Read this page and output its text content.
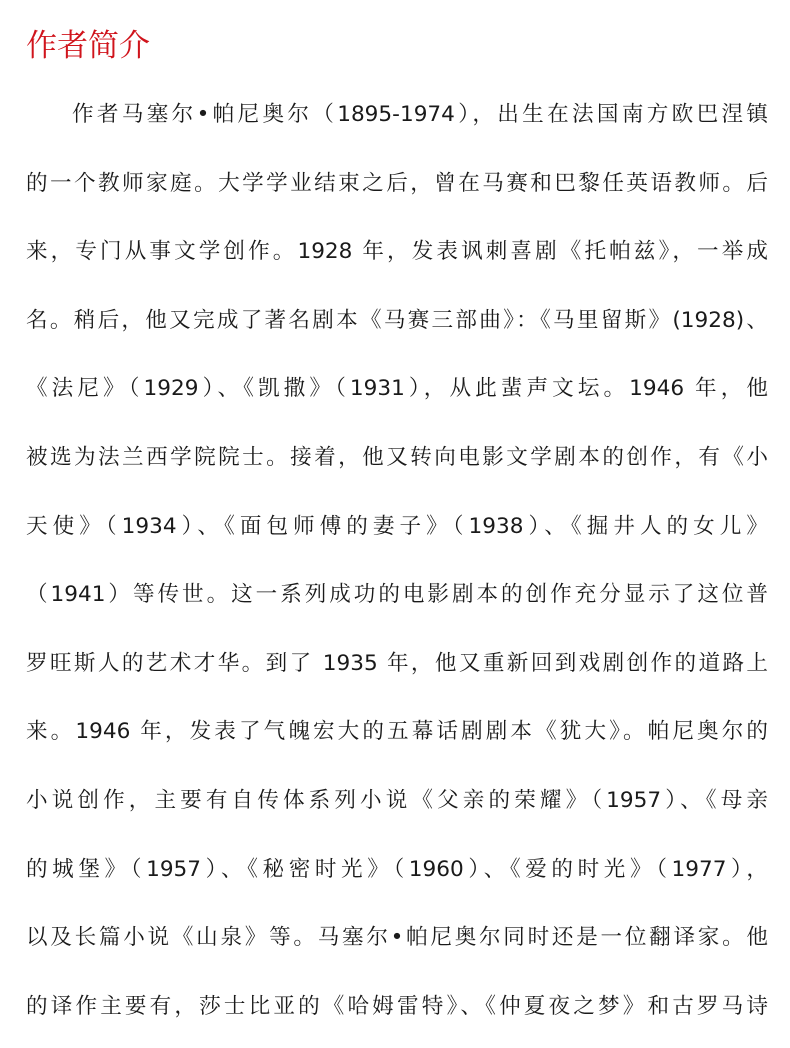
作者简介
作者马塞尔•帕尼奥尔（1895-1974），出生在法国南方欧巴涅镇
的一个教师家庭。大学学业结束之后，曾在马赛和巴黎任英语教师。后
来，专门从事文学创作。1928 年，发表讽刺喜剧《托帕兹》，一举成
名。稍后，他又完成了著名剧本《马赛三部曲》：《马里留斯》(1928)、
《法尼》（1929）、《凯撒》（1931），从此蜚声文坛。1946 年，他
被选为法兰西学院院士。接着，他又转向电影文学剧本的创作，有《小
天使》（1934）、《面包师傅的妻子》（1938）、《掘井人的女儿》
（1941）等传世。这一系列成功的电影剧本的创作充分显示了这位普
罗旺斯人的艺术才华。到了 1935 年，他又重新回到戏剧创作的道路上
来。1946 年，发表了气魄宏大的五幕话剧剧本《犹大》。帕尼奥尔的
小说创作，主要有自传体系列小说《父亲的荣耀》（1957）、《母亲
的城堡》（1957）、《秘密时光》（1960）、《爱的时光》（1977），
以及长篇小说《山泉》等。马塞尔•帕尼奥尔同时还是一位翻译家。他
的译作主要有，莎士比亚的《哈姆雷特》、《仲夏夜之梦》和古罗马诗
